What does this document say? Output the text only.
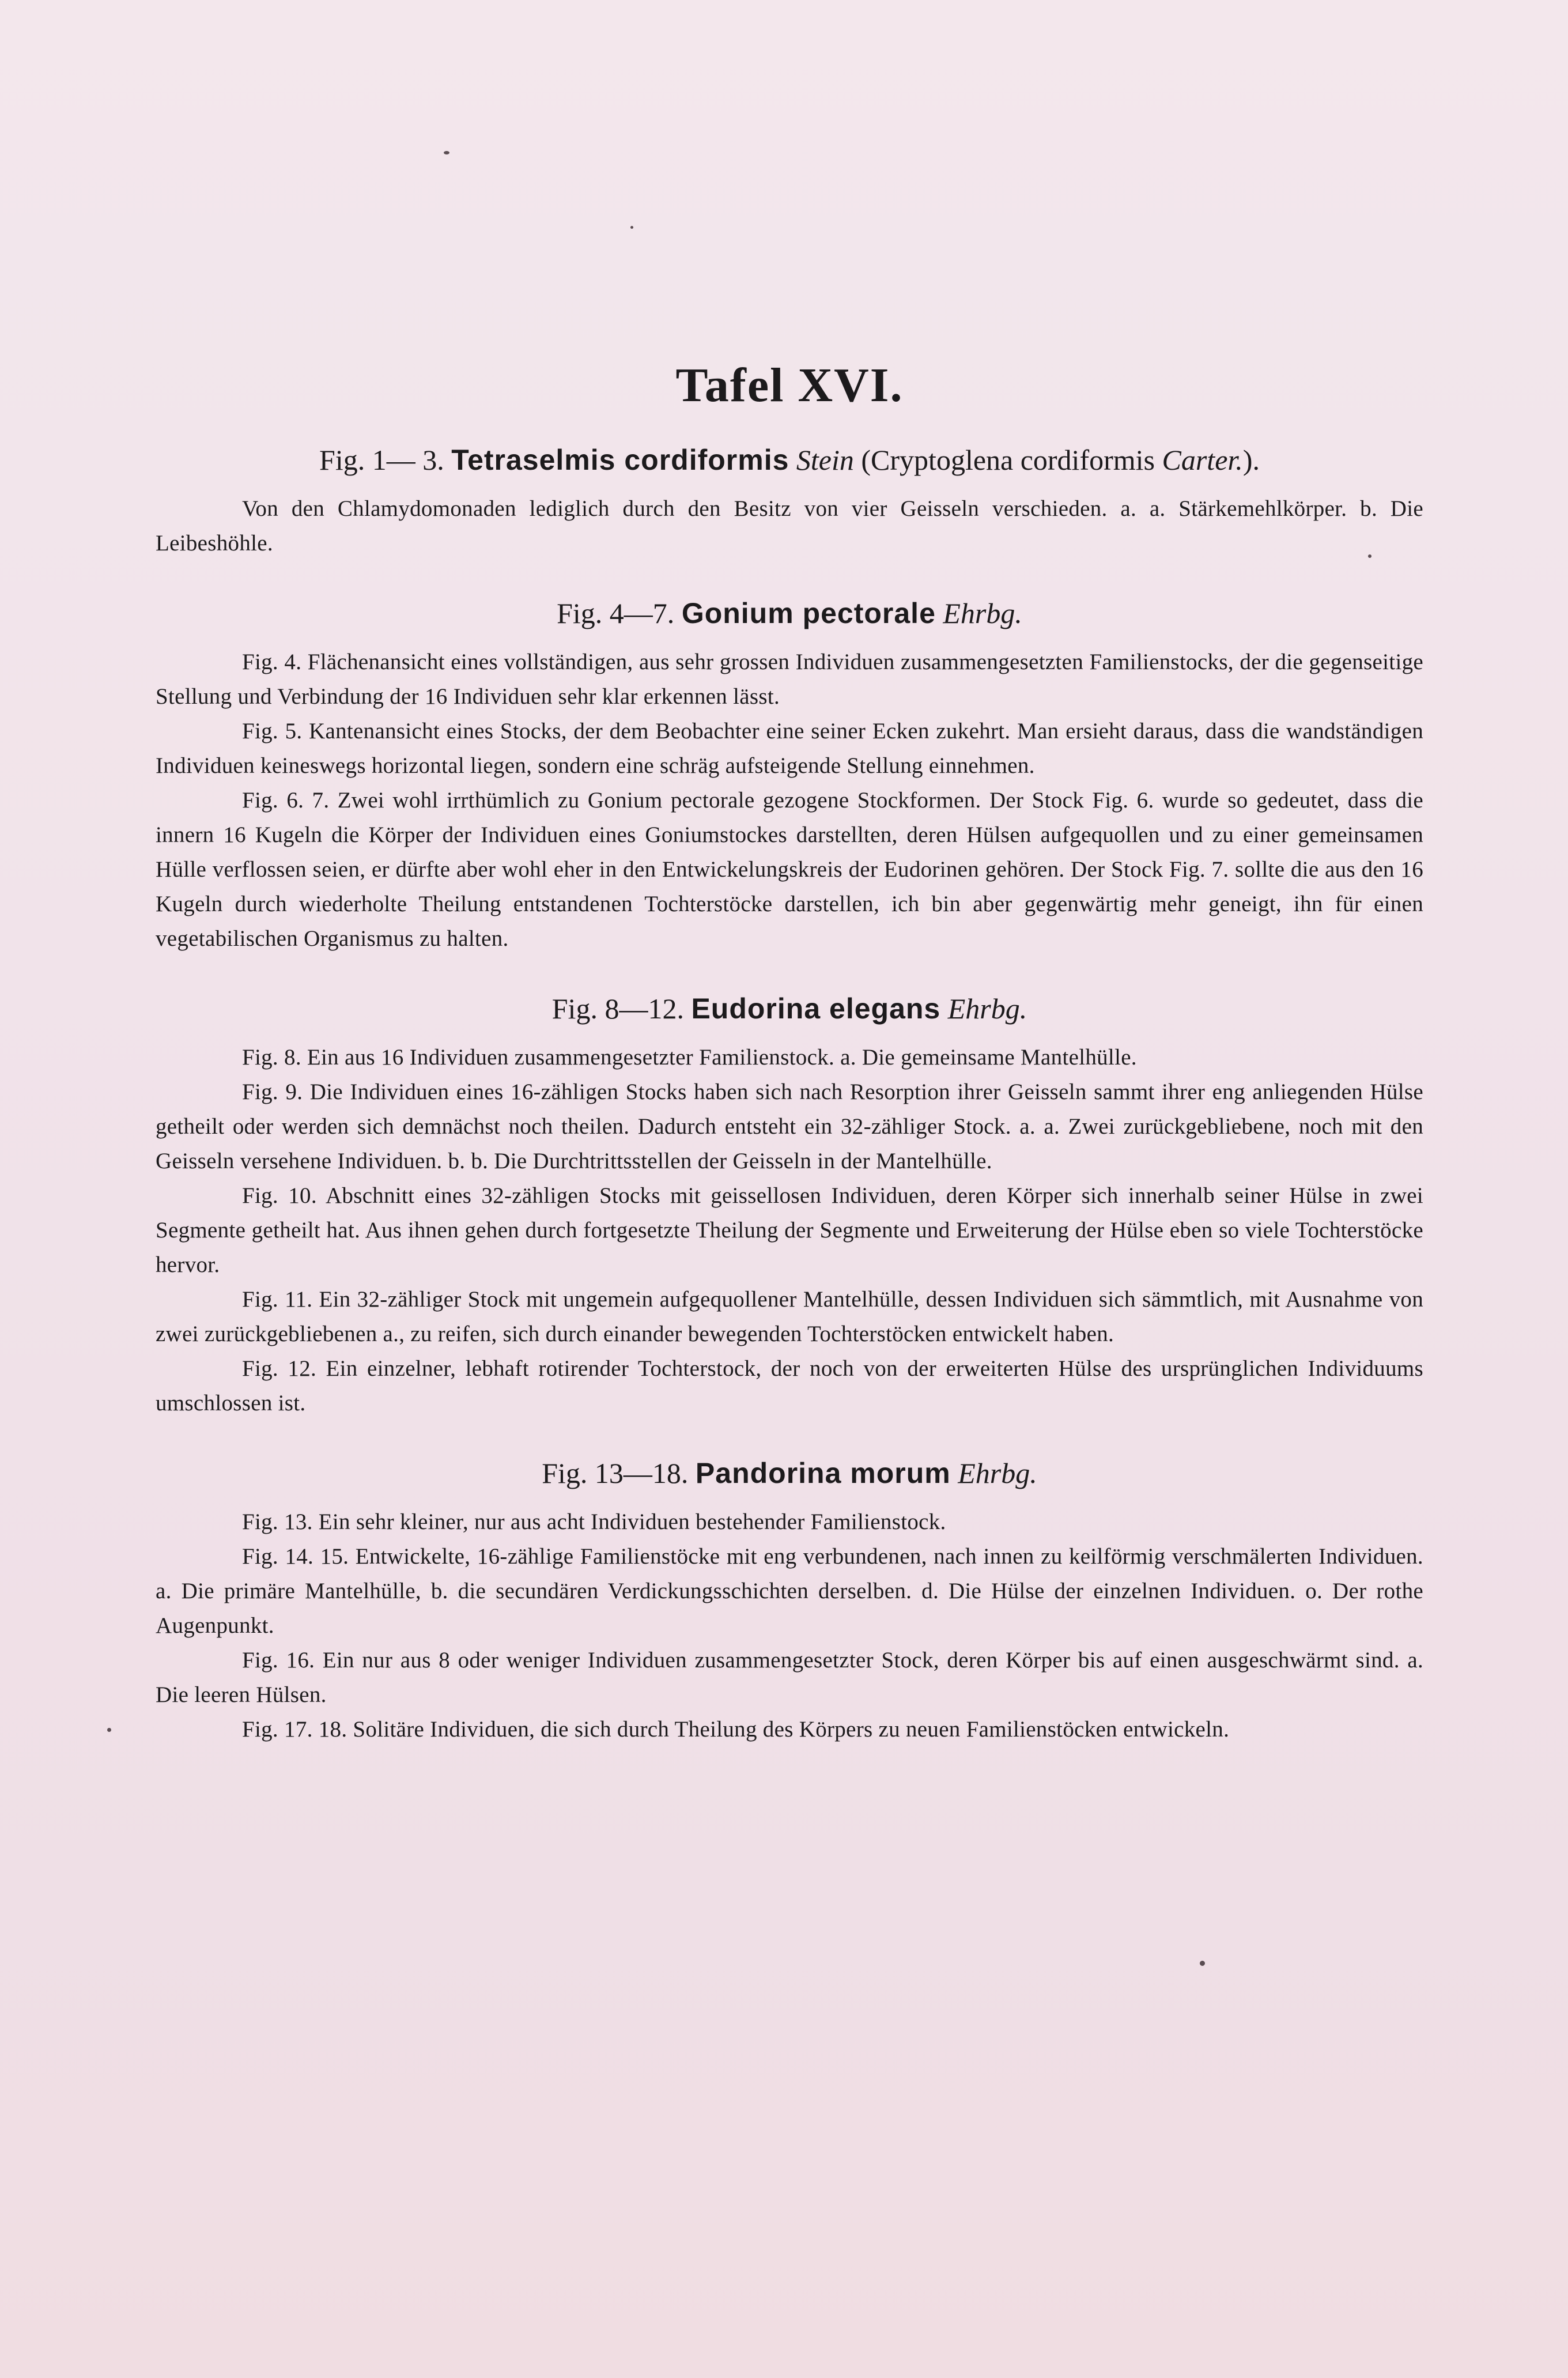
Tafel XVI.
Fig. 1— 3. Tetraselmis cordiformis Stein (Cryptoglena cordiformis Carter.).

Von den Chlamydomonaden lediglich durch den Besitz von vier Geisseln verschieden. a. a. Stärkemehlkörper. b. Die Leibeshöhle.

Fig. 4—7. Gonium pectorale Ehrbg.

Fig. 4. Flächenansicht eines vollständigen, aus sehr grossen Individuen zusammengesetzten Familienstocks, der die gegenseitige Stellung und Verbindung der 16 Individuen sehr klar erkennen lässt.

Fig. 5. Kantenansicht eines Stocks, der dem Beobachter eine seiner Ecken zukehrt. Man ersieht daraus, dass die wandständigen Individuen keineswegs horizontal liegen, sondern eine schräg aufsteigende Stellung einnehmen.

Fig. 6. 7. Zwei wohl irrthümlich zu Gonium pectorale gezogene Stockformen. Der Stock Fig. 6. wurde so gedeutet, dass die innern 16 Kugeln die Körper der Individuen eines Goniumstockes darstellten, deren Hülsen aufgequollen und zu einer gemeinsamen Hülle verflossen seien, er dürfte aber wohl eher in den Entwickelungskreis der Eudorinen gehören. Der Stock Fig. 7. sollte die aus den 16 Kugeln durch wiederholte Theilung entstandenen Tochterstöcke darstellen, ich bin aber gegenwärtig mehr geneigt, ihn für einen vegetabilischen Organismus zu halten.

Fig. 8—12. Eudorina elegans Ehrbg.

Fig. 8. Ein aus 16 Individuen zusammengesetzter Familienstock. a. Die gemeinsame Mantelhülle.

Fig. 9. Die Individuen eines 16-zähligen Stocks haben sich nach Resorption ihrer Geisseln sammt ihrer eng anliegenden Hülse getheilt oder werden sich demnächst noch theilen. Dadurch entsteht ein 32-zähliger Stock. a. a. Zwei zurückgebliebene, noch mit den Geisseln versehene Individuen. b. b. Die Durchtrittsstellen der Geisseln in der Mantelhülle.

Fig. 10. Abschnitt eines 32-zähligen Stocks mit geissellosen Individuen, deren Körper sich innerhalb seiner Hülse in zwei Segmente getheilt hat. Aus ihnen gehen durch fortgesetzte Theilung der Segmente und Erweiterung der Hülse eben so viele Tochterstöcke hervor.

Fig. 11. Ein 32-zähliger Stock mit ungemein aufgequollener Mantelhülle, dessen Individuen sich sämmtlich, mit Ausnahme von zwei zurückgebliebenen a., zu reifen, sich durch einander bewegenden Tochterstöcken entwickelt haben.

Fig. 12. Ein einzelner, lebhaft rotirender Tochterstock, der noch von der erweiterten Hülse des ursprünglichen Individuums umschlossen ist.

Fig. 13—18. Pandorina morum Ehrbg.

Fig. 13. Ein sehr kleiner, nur aus acht Individuen bestehender Familienstock.

Fig. 14. 15. Entwickelte, 16-zählige Familienstöcke mit eng verbundenen, nach innen zu keilförmig verschmälerten Individuen. a. Die primäre Mantelhülle, b. die secundären Verdickungsschichten derselben. d. Die Hülse der einzelnen Individuen. o. Der rothe Augenpunkt.

Fig. 16. Ein nur aus 8 oder weniger Individuen zusammengesetzter Stock, deren Körper bis auf einen ausgeschwärmt sind. a. Die leeren Hülsen.

Fig. 17. 18. Solitäre Individuen, die sich durch Theilung des Körpers zu neuen Familienstöcken entwickeln.
